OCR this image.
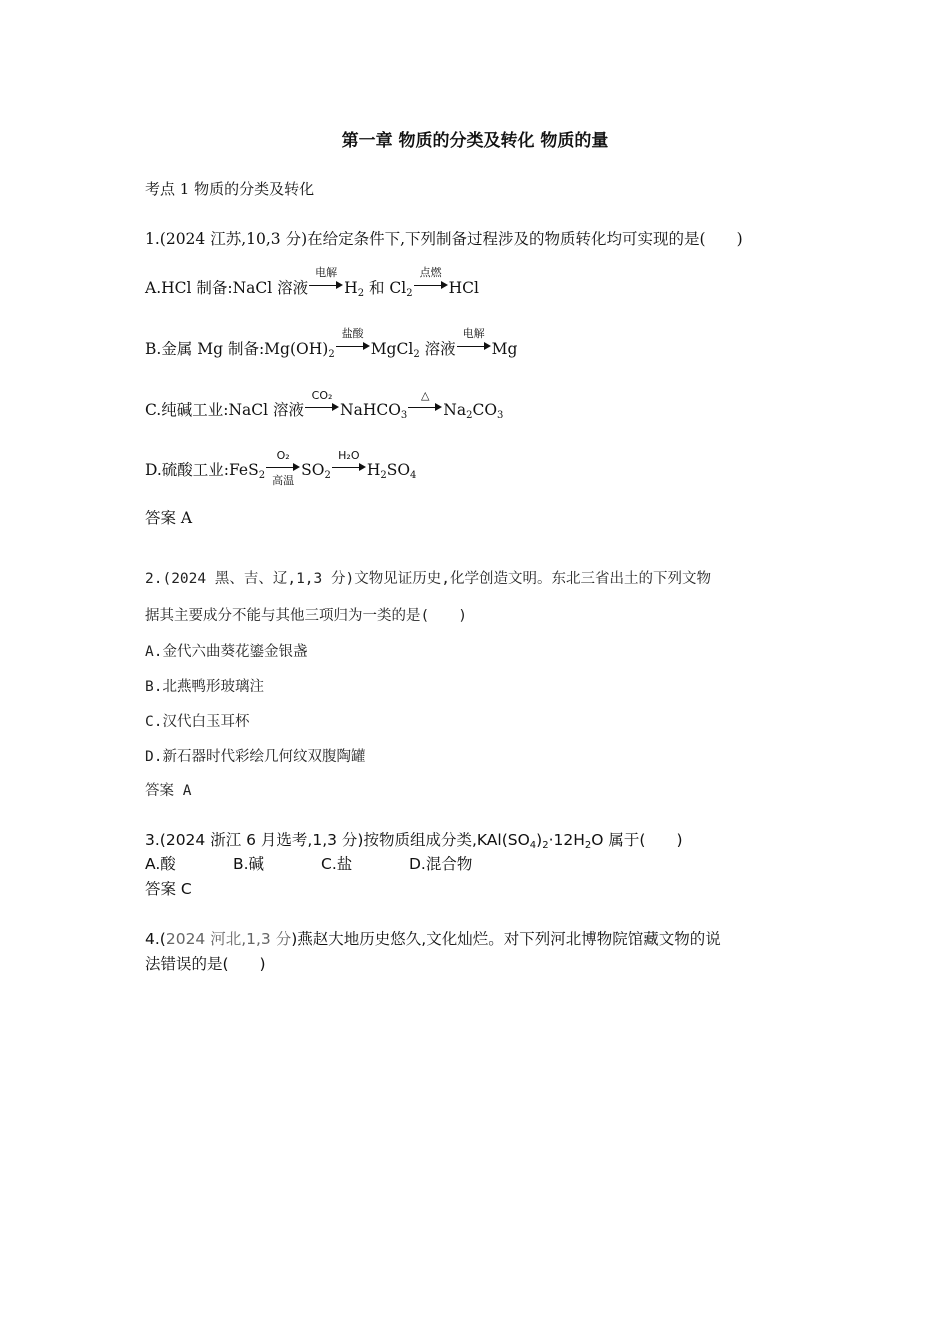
第一章 物质的分类及转化 物质的量
考点 1 物质的分类及转化
1.(2024 江苏,10,3 分)在给定条件下,下列制备过程涉及的物质转化均可实现的是(　　)
A.HCl 制备:NaCl 溶液
电解
$H_2$ 和 $Cl_2$
点燃
HCl
B.金属 Mg 制备$:Mg(OH)_2$
盐酸
MgCl$_2$ 溶液
电解
Mg
C.纯碱工业:NaCl 溶液
CO₂
NaHCO$_3$
△
$Na_2CO_3$
D.硫酸工业:FeS$_2$
O₂
高温
$SO_2$
H₂O
$H_2SO_4$
答案 A
2.(2024 黑、吉、辽,1,3 分)文物见证历史,化学创造文明。东北三省出土的下列文物
据其主要成分不能与其他三项归为一类的是(　　)
A.金代六曲葵花鎏金银盏
B.北燕鸭形玻璃注
C.汉代白玉耳杯
D.新石器时代彩绘几何纹双腹陶罐
答案 A
3.(2024 浙江 6 月选考,1,3 分)按物质组成分类$,KAl(SO_4)_2\cdot 12H_2O$ 属于(　　)
A.酸	B.碱	C.盐	D.混合物
答案 C
4.(2024 河北,1,3 分)燕赵大地历史悠久,文化灿烂。对下列河北博物院馆藏文物的说
法错误的是(　　)
